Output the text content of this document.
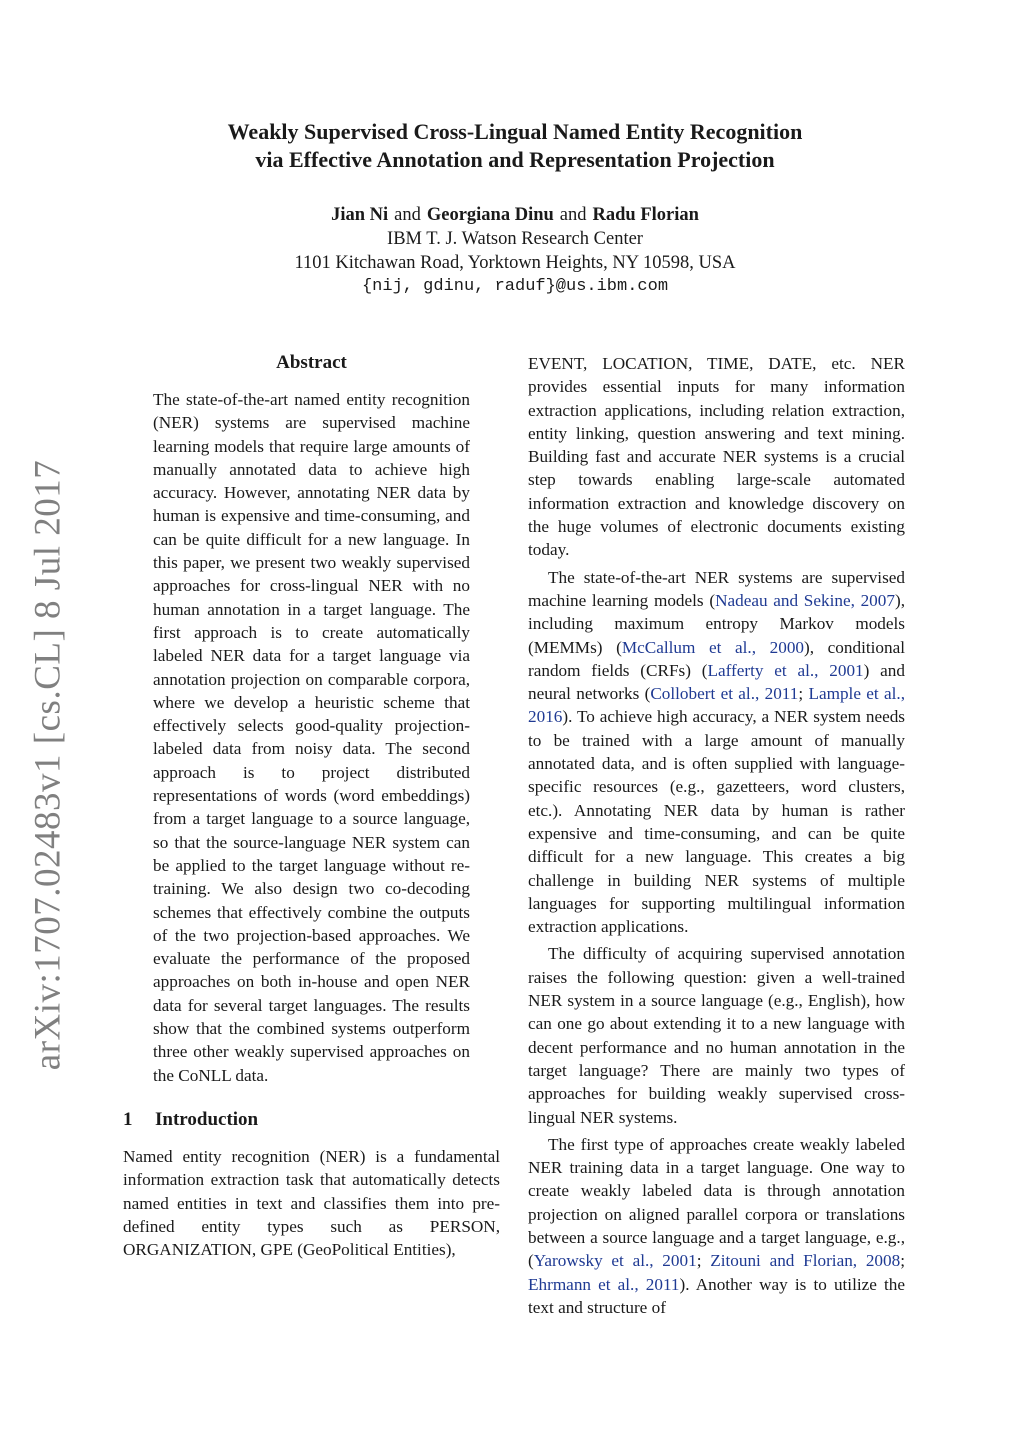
arXiv:1707.02483v1 [cs.CL] 8 Jul 2017
Weakly Supervised Cross-Lingual Named Entity Recognition
via Effective Annotation and Representation Projection
Jian Ni and Georgiana Dinu and Radu Florian
IBM T. J. Watson Research Center
1101 Kitchawan Road, Yorktown Heights, NY 10598, USA
{nij, gdinu, raduf}@us.ibm.com
Abstract

The state-of-the-art named entity recognition (NER) systems are supervised machine learning models that require large amounts of manually annotated data to achieve high accuracy. However, annotating NER data by human is expensive and time-consuming, and can be quite difficult for a new language. In this paper, we present two weakly supervised approaches for cross-lingual NER with no human annotation in a target language. The first approach is to create automatically labeled NER data for a target language via annotation projection on comparable corpora, where we develop a heuristic scheme that effectively selects good-quality projection-labeled data from noisy data. The second approach is to project distributed representations of words (word embeddings) from a target language to a source language, so that the source-language NER system can be applied to the target language without re-training. We also design two co-decoding schemes that effectively combine the outputs of the two projection-based approaches. We evaluate the performance of the proposed approaches on both in-house and open NER data for several target languages. The results show that the combined systems outperform three other weakly supervised approaches on the CoNLL data.

1 Introduction

Named entity recognition (NER) is a fundamental information extraction task that automatically detects named entities in text and classifies them into pre-defined entity types such as PERSON, ORGANIZATION, GPE (GeoPolitical Entities),

EVENT, LOCATION, TIME, DATE, etc. NER provides essential inputs for many information extraction applications, including relation extraction, entity linking, question answering and text mining. Building fast and accurate NER systems is a crucial step towards enabling large-scale automated information extraction and knowledge discovery on the huge volumes of electronic documents existing today.

The state-of-the-art NER systems are supervised machine learning models (Nadeau and Sekine, 2007), including maximum entropy Markov models (MEMMs) (McCallum et al., 2000), conditional random fields (CRFs) (Lafferty et al., 2001) and neural networks (Collobert et al., 2011; Lample et al., 2016). To achieve high accuracy, a NER system needs to be trained with a large amount of manually annotated data, and is often supplied with language-specific resources (e.g., gazetteers, word clusters, etc.). Annotating NER data by human is rather expensive and time-consuming, and can be quite difficult for a new language. This creates a big challenge in building NER systems of multiple languages for supporting multilingual information extraction applications.

The difficulty of acquiring supervised annotation raises the following question: given a well-trained NER system in a source language (e.g., English), how can one go about extending it to a new language with decent performance and no human annotation in the target language? There are mainly two types of approaches for building weakly supervised cross-lingual NER systems.

The first type of approaches create weakly labeled NER training data in a target language. One way to create weakly labeled data is through annotation projection on aligned parallel corpora or translations between a source language and a target language, e.g., (Yarowsky et al., 2001; Zitouni and Florian, 2008; Ehrmann et al., 2011). Another way is to utilize the text and structure of
